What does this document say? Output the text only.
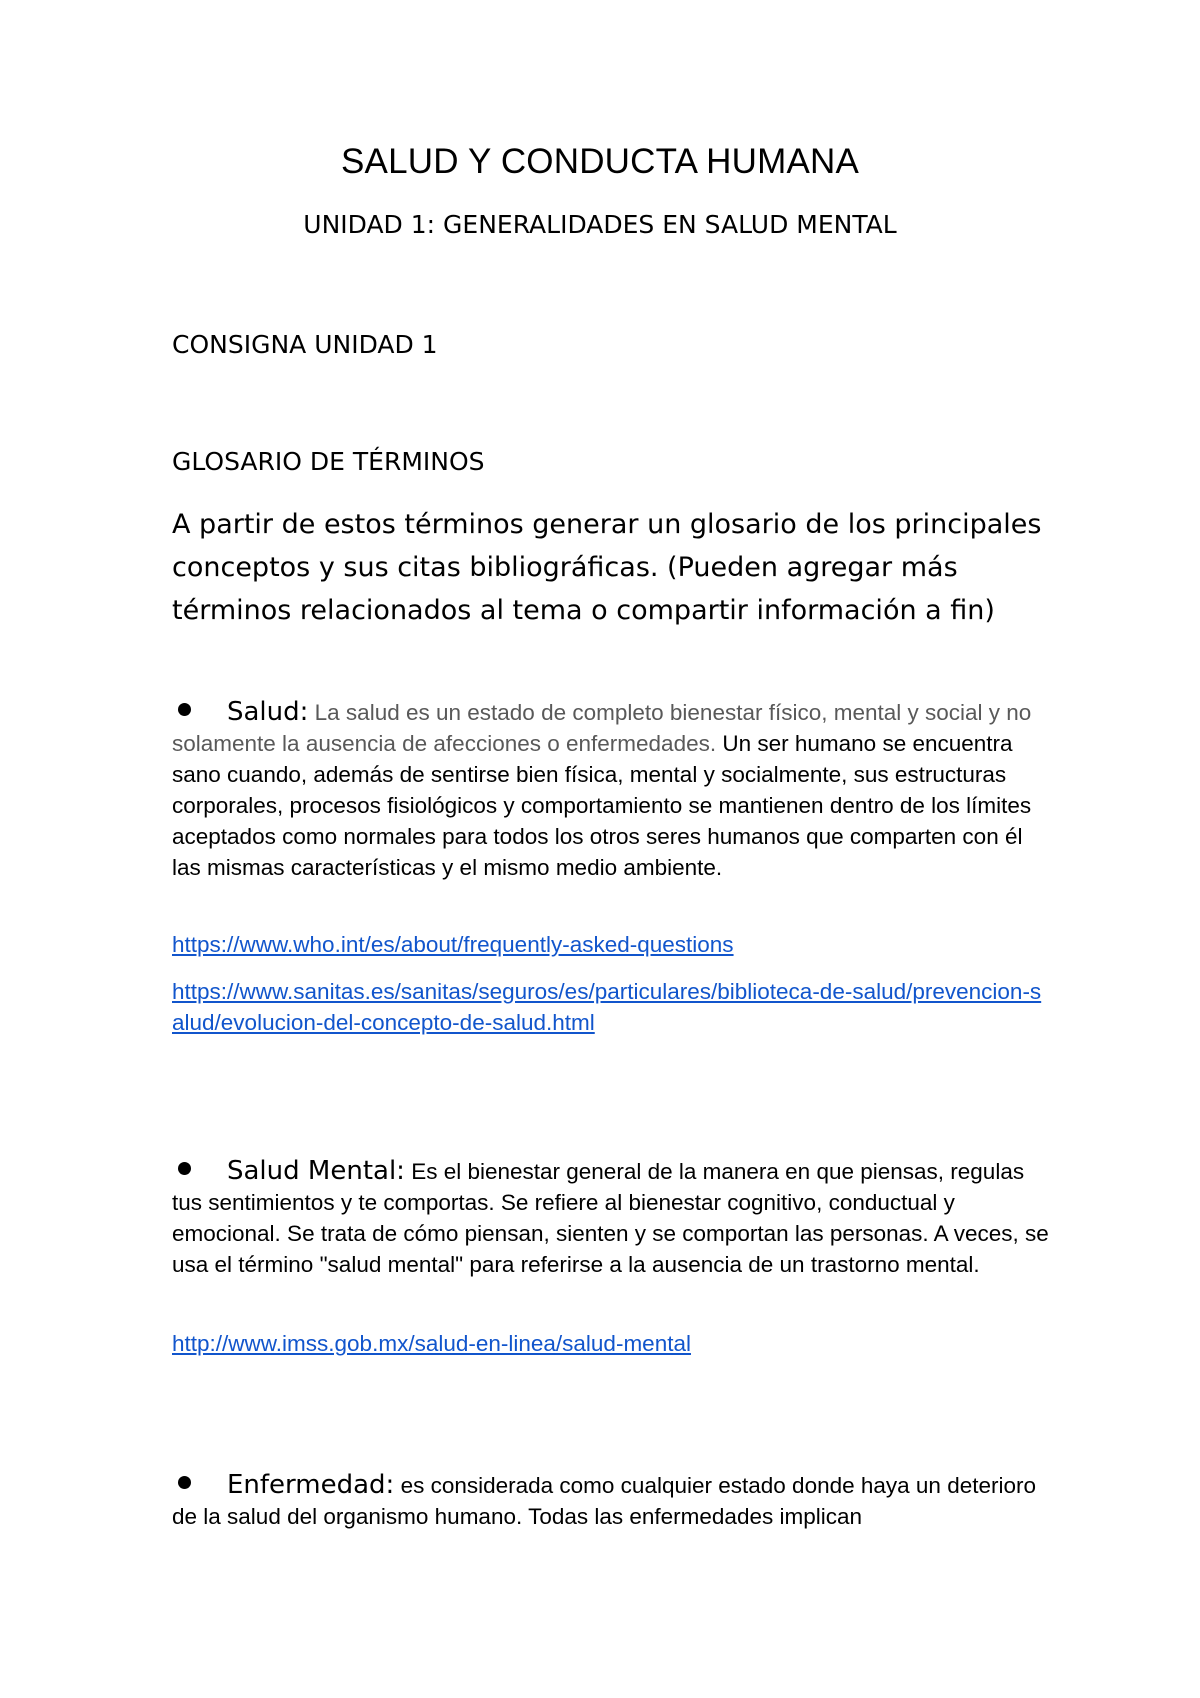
SALUD Y CONDUCTA HUMANA
UNIDAD 1: GENERALIDADES EN SALUD MENTAL
CONSIGNA UNIDAD 1
GLOSARIO DE TÉRMINOS
A partir de estos términos generar un glosario de los principales conceptos y sus citas bibliográficas. (Pueden agregar más términos relacionados al tema o compartir información a fin)
Salud: La salud es un estado de completo bienestar físico, mental y social y no solamente la ausencia de afecciones o enfermedades. Un ser humano se encuentra sano cuando, además de sentirse bien física, mental y socialmente, sus estructuras corporales, procesos fisiológicos y comportamiento se mantienen dentro de los límites aceptados como normales para todos los otros seres humanos que comparten con él las mismas características y el mismo medio ambiente.
https://www.who.int/es/about/frequently-asked-questions
https://www.sanitas.es/sanitas/seguros/es/particulares/biblioteca-de-salud/prevencion-salud/evolucion-del-concepto-de-salud.html
Salud Mental: Es el bienestar general de la manera en que piensas, regulas tus sentimientos y te comportas. Se refiere al bienestar cognitivo, conductual y emocional. Se trata de cómo piensan, sienten y se comportan las personas. A veces, se usa el término "salud mental" para referirse a la ausencia de un trastorno mental.
http://www.imss.gob.mx/salud-en-linea/salud-mental
Enfermedad: es considerada como cualquier estado donde haya un deterioro de la salud del organismo humano. Todas las enfermedades implican
